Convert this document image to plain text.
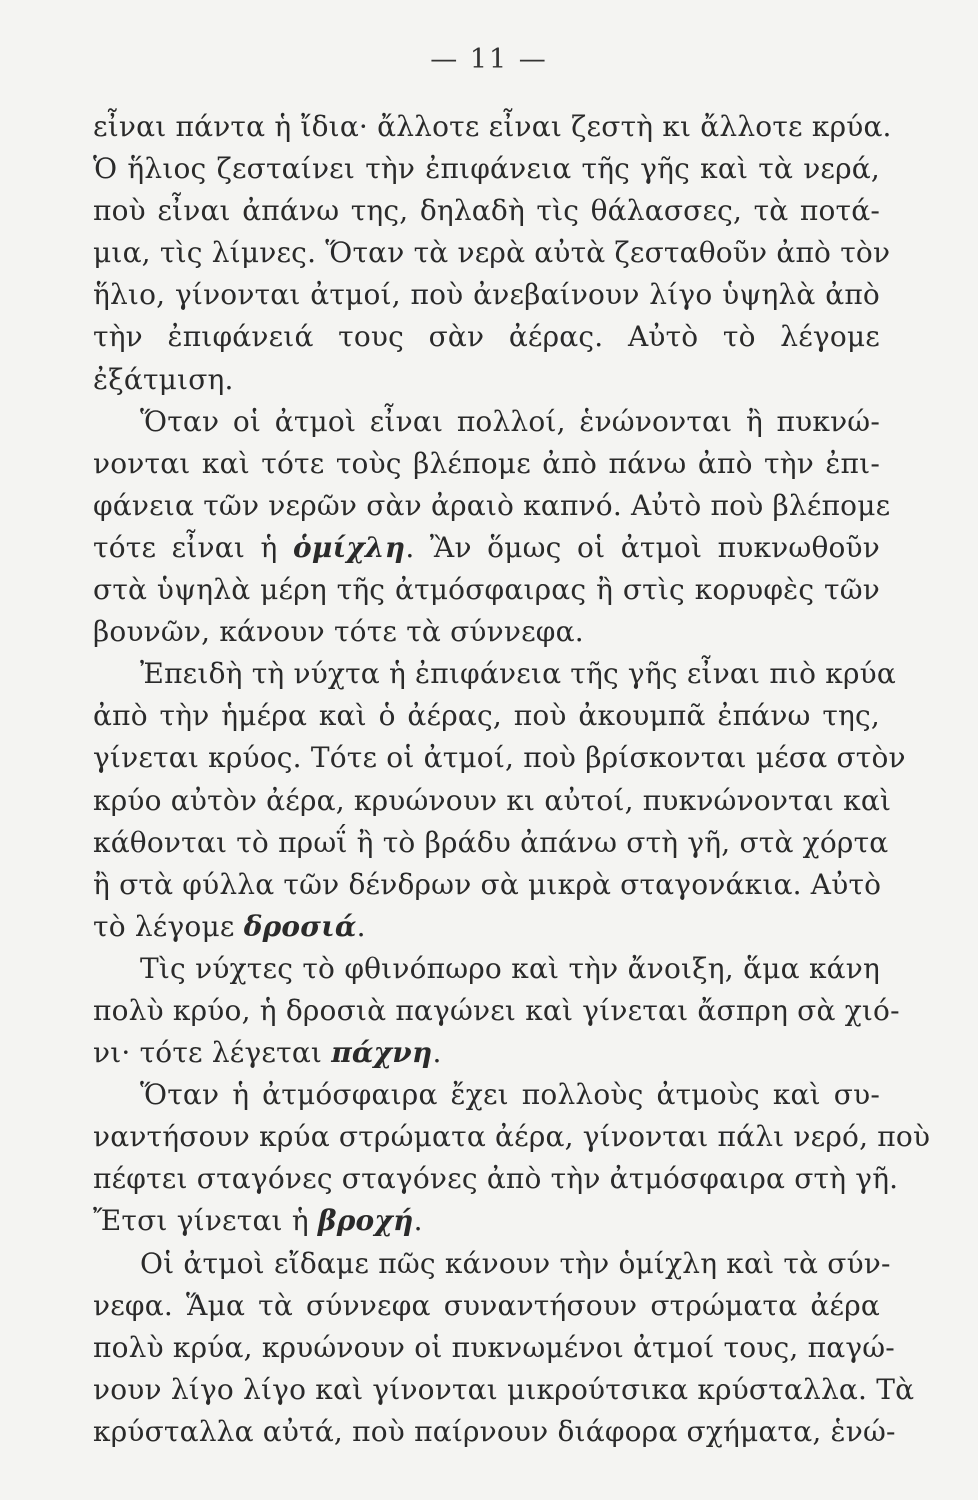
— 11 —
εἶναι πάντα ἡ ἴδια· ἄλλοτε εἶναι ζεστὴ κι ἄλλοτε κρύα.
Ὁ ἥλιος ζεσταίνει τὴν ἐπιφάνεια τῆς γῆς καὶ τὰ νερά,
ποὺ εἶναι ἀπάνω της, δηλαδὴ τὶς θάλασσες, τὰ ποτά-
μια, τὶς λίμνες. Ὅταν τὰ νερὰ αὐτὰ ζεσταθοῦν ἀπὸ τὸν
ἥλιο, γίνονται ἀτμοί, ποὺ ἀνεβαίνουν λίγο ὑψηλὰ ἀπὸ
τὴν ἐπιφάνειά τους σὰν ἀέρας. Αὐτὸ τὸ λέγομε
ἐξάτμιση.
Ὅταν οἱ ἀτμοὶ εἶναι πολλοί, ἑνώνονται ἢ πυκνώ-
νονται καὶ τότε τοὺς βλέπομε ἀπὸ πάνω ἀπὸ τὴν ἐπι-
φάνεια τῶν νερῶν σὰν ἀραιὸ καπνό. Αὐτὸ ποὺ βλέπομε
τότε εἶναι ἡ ὁμίχλη. Ἂν ὅμως οἱ ἀτμοὶ πυκνωθοῦν
στὰ ὑψηλὰ μέρη τῆς ἀτμόσφαιρας ἢ στὶς κορυφὲς τῶν
βουνῶν, κάνουν τότε τὰ σύννεφα.
Ἐπειδὴ τὴ νύχτα ἡ ἐπιφάνεια τῆς γῆς εἶναι πιὸ κρύα
ἀπὸ τὴν ἡμέρα καὶ ὁ ἀέρας, ποὺ ἀκουμπᾶ ἐπάνω της,
γίνεται κρύος. Τότε οἱ ἀτμοί, ποὺ βρίσκονται μέσα στὸν
κρύο αὐτὸν ἀέρα, κρυώνουν κι αὐτοί, πυκνώνονται καὶ
κάθονται τὸ πρωΐ ἢ τὸ βράδυ ἀπάνω στὴ γῆ, στὰ χόρτα
ἢ στὰ φύλλα τῶν δένδρων σὰ μικρὰ σταγονάκια. Αὐτὸ
τὸ λέγομε δροσιά.
Τὶς νύχτες τὸ φθινόπωρο καὶ τὴν ἄνοιξη, ἅμα κάνη
πολὺ κρύο, ἡ δροσιὰ παγώνει καὶ γίνεται ἄσπρη σὰ χιό-
νι· τότε λέγεται πάχνη.
Ὅταν ἡ ἀτμόσφαιρα ἔχει πολλοὺς ἀτμοὺς καὶ συ-
ναντήσουν κρύα στρώματα ἀέρα, γίνονται πάλι νερό, ποὺ
πέφτει σταγόνες σταγόνες ἀπὸ τὴν ἀτμόσφαιρα στὴ γῆ.
Ἔτσι γίνεται ἡ βροχή.
Οἱ ἀτμοὶ εἴδαμε πῶς κάνουν τὴν ὁμίχλη καὶ τὰ σύν-
νεφα. Ἅμα τὰ σύννεφα συναντήσουν στρώματα ἀέρα
πολὺ κρύα, κρυώνουν οἱ πυκνωμένοι ἀτμοί τους, παγώ-
νουν λίγο λίγο καὶ γίνονται μικρούτσικα κρύσταλλα. Τὰ
κρύσταλλα αὐτά, ποὺ παίρνουν διάφορα σχήματα, ἑνώ-
